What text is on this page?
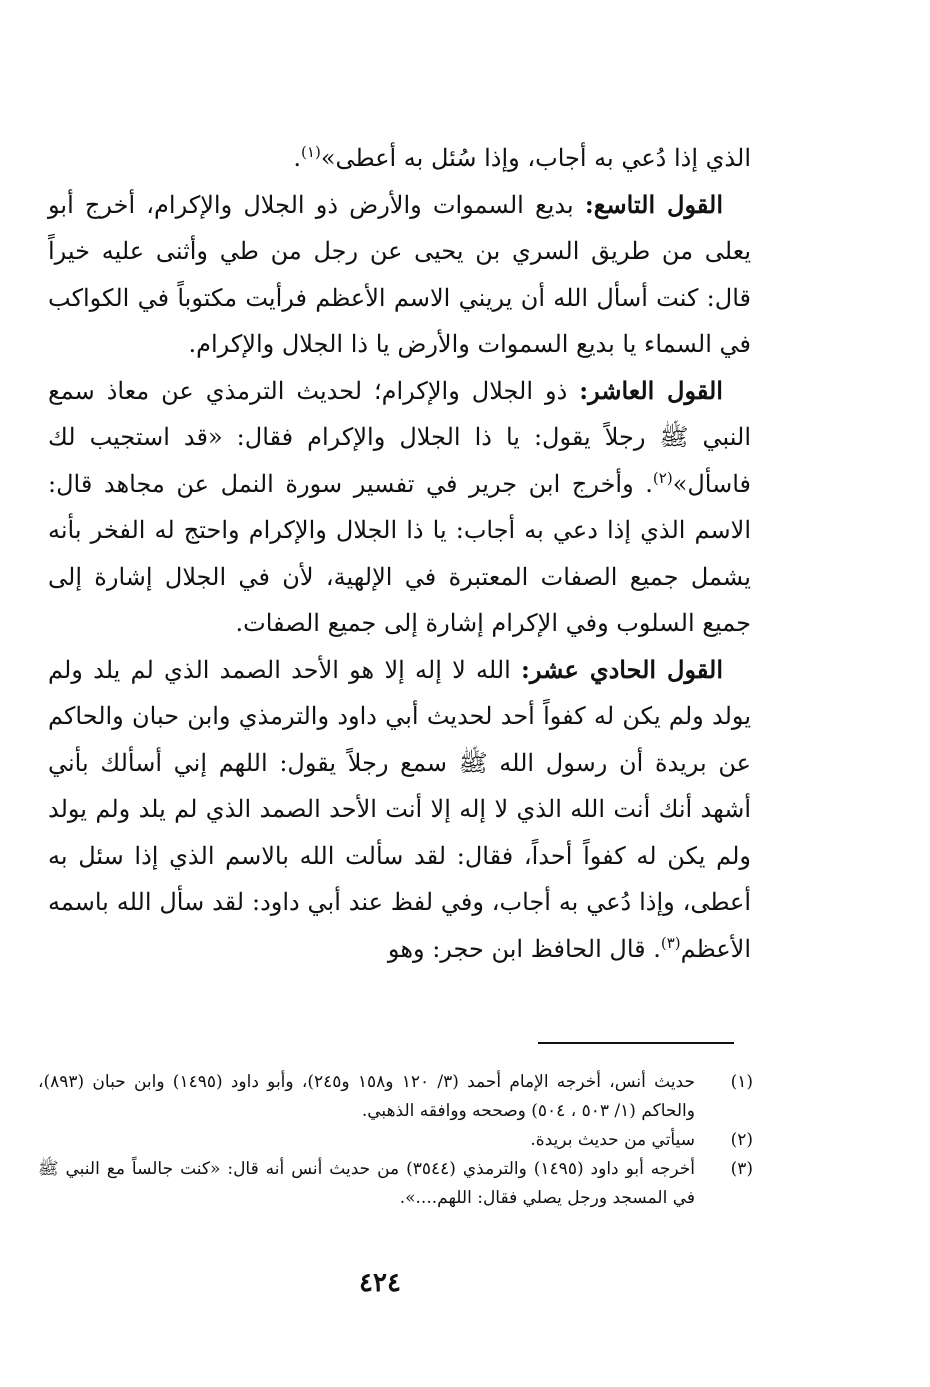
الذي إذا دُعي به أجاب، وإذا سُئل به أعطى»$^{(١)}$.

القول التاسع: بديع السموات والأرض ذو الجلال والإكرام، أخرج أبو يعلى من طريق السري بن يحيى عن رجل من طي وأثنى عليه خيراً قال: كنت أسأل الله أن يريني الاسم الأعظم فرأيت مكتوباً في الكواكب في السماء يا بديع السموات والأرض يا ذا الجلال والإكرام.

القول العاشر: ذو الجلال والإكرام؛ لحديث الترمذي عن معاذ سمع النبي ﷺ رجلاً يقول: يا ذا الجلال والإكرام فقال: «قد استجيب لك فاسأل»$^{(٢)}$. وأخرج ابن جرير في تفسير سورة النمل عن مجاهد قال: الاسم الذي إذا دعي به أجاب: يا ذا الجلال والإكرام واحتج له الفخر بأنه يشمل جميع الصفات المعتبرة في الإلهية، لأن في الجلال إشارة إلى جميع السلوب وفي الإكرام إشارة إلى جميع الصفات.

القول الحادي عشر: الله لا إله إلا هو الأحد الصمد الذي لم يلد ولم يولد ولم يكن له كفواً أحد لحديث أبي داود والترمذي وابن حبان والحاكم عن بريدة أن رسول الله ﷺ سمع رجلاً يقول: اللهم إني أسألك بأني أشهد أنك أنت الله الذي لا إله إلا أنت الأحد الصمد الذي لم يلد ولم يولد ولم يكن له كفواً أحداً، فقال: لقد سألت الله بالاسم الذي إذا سئل به أعطى، وإذا دُعي به أجاب، وفي لفظ عند أبي داود: لقد سأل الله باسمه الأعظم$^{(٣)}$. قال الحافظ ابن حجر: وهو

(١)
حديث أنس، أخرجه الإمام أحمد (٣/ ١٢٠ و١٥٨ و٢٤٥)، وأبو داود (١٤٩٥) وابن حبان (٨٩٣)، والحاكم (١/ ٥٠٣ ، ٥٠٤) وصححه ووافقه الذهبي.
(٢)
سيأتي من حديث بريدة.
(٣)
أخرجه أبو داود (١٤٩٥) والترمذي (٣٥٤٤) من حديث أنس أنه قال: «كنت جالساً مع النبي ﷺ في المسجد ورجل يصلي فقال: اللهم....».
٤٢٤
